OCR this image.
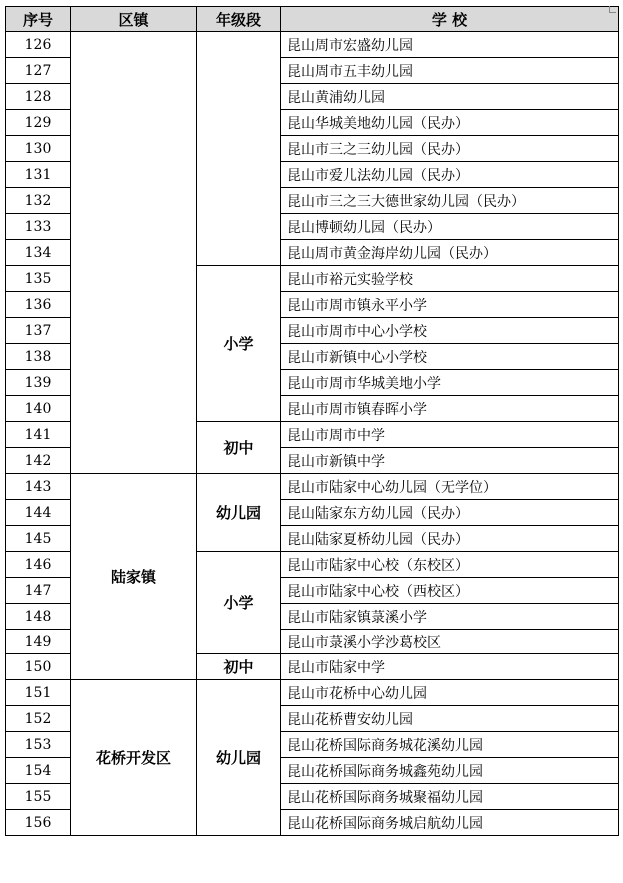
序号	区镇	年级段	学 校
126			昆山周市宏盛幼儿园
127			昆山周市五丰幼儿园
128			昆山黄浦幼儿园
129			昆山华城美地幼儿园（民办）
130			昆山市三之三幼儿园（民办）
131			昆山市爱儿法幼儿园（民办）
132			昆山市三之三大德世家幼儿园（民办）
133			昆山博顿幼儿园（民办）
134			昆山周市黄金海岸幼儿园（民办）
135		小学	昆山市裕元实验学校
136			昆山市周市镇永平小学
137			昆山市周市中心小学校
138			昆山市新镇中心小学校
139			昆山市周市华城美地小学
140			昆山市周市镇春晖小学
141		初中	昆山市周市中学
142			昆山市新镇中学
143	陆家镇	幼儿园	昆山市陆家中心幼儿园（无学位）
144			昆山陆家东方幼儿园（民办）
145			昆山陆家夏桥幼儿园（民办）
146		小学	昆山市陆家中心校（东校区）
147			昆山市陆家中心校（西校区）
148			昆山市陆家镇菉溪小学
149			昆山市菉溪小学沙葛校区
150		初中	昆山市陆家中学
151	花桥开发区	幼儿园	昆山市花桥中心幼儿园
152			昆山花桥曹安幼儿园
153			昆山花桥国际商务城花溪幼儿园
154			昆山花桥国际商务城鑫苑幼儿园
155			昆山花桥国际商务城聚福幼儿园
156			昆山花桥国际商务城启航幼儿园
